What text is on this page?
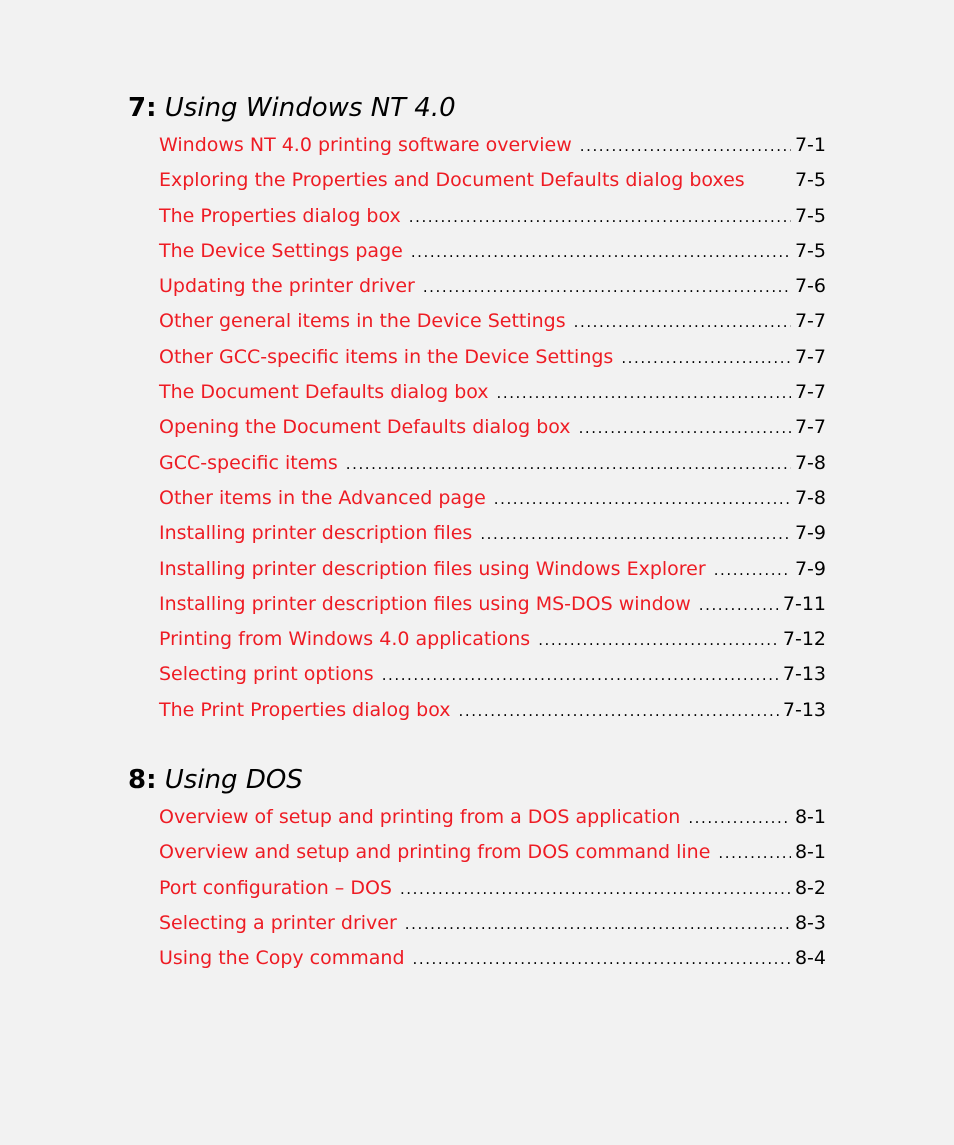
7: Using Windows NT 4.0
Windows NT 4.0 printing software overview . . .	7-1
Exploring the Properties and Document Defaults dialog boxes	7-5
The Properties dialog box . . .	7-5
The Device Settings page . . .	7-5
Updating the printer driver . . .	7-6
Other general items in the Device Settings . . .	7-7
Other GCC-specific items in the Device Settings . . .	7-7
The Document Defaults dialog box . . .	7-7
Opening the Document Defaults dialog box . . .	7-7
GCC-specific items . . .	7-8
Other items in the Advanced page . . .	7-8
Installing printer description files . . .	7-9
Installing printer description files using Windows Explorer . . .	7-9
Installing printer description files using MS-DOS window . . .	7-11
Printing from Windows 4.0 applications . . .	7-12
Selecting print options . . .	7-13
The Print Properties dialog box . . .	7-13
8: Using DOS
Overview of setup and printing from a DOS application . . .	8-1
Overview and setup and printing from DOS command line . . .	8-1
Port configuration – DOS . . .	8-2
Selecting a printer driver . . .	8-3
Using the Copy command . . .	8-4
